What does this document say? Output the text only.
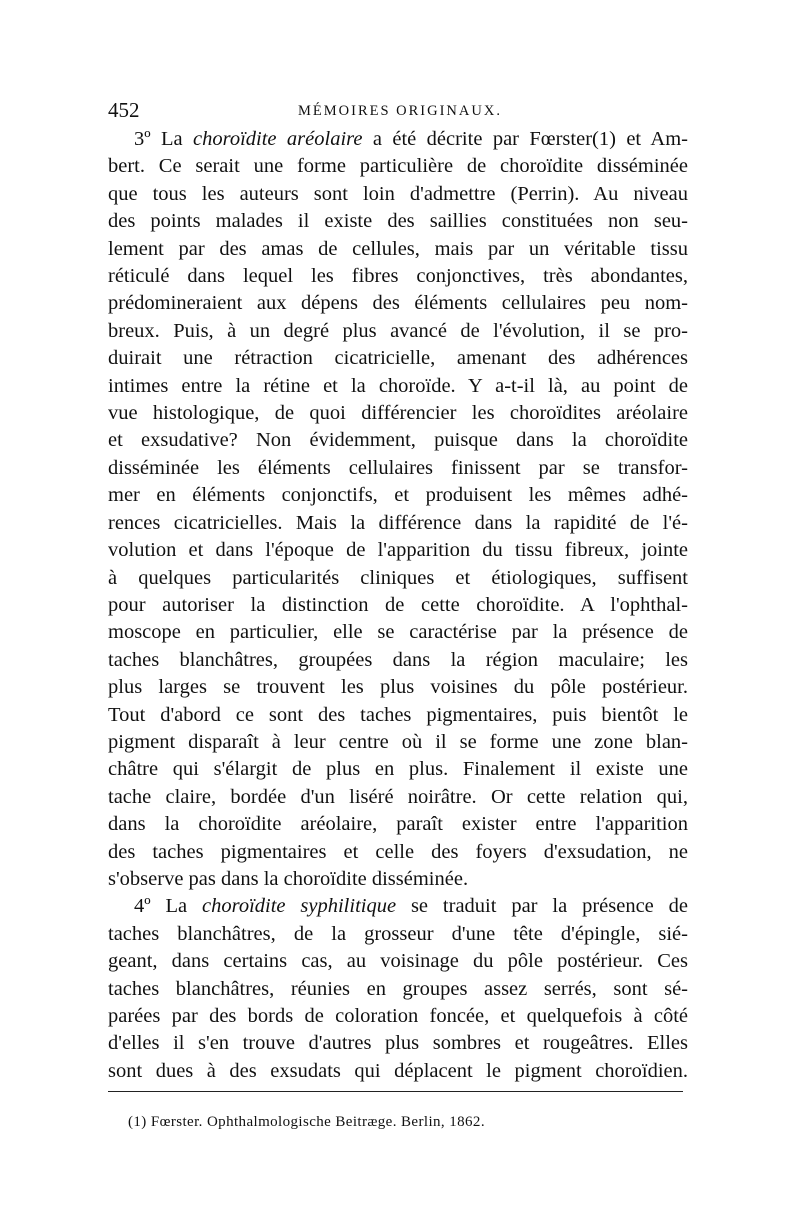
452	MÉMOIRES ORIGINAUX.

3º La choroïdite aréolaire a été décrite par Fœrster(1) et Am-
bert. Ce serait une forme particulière de choroïdite disséminée
que tous les auteurs sont loin d'admettre (Perrin). Au niveau
des points malades il existe des saillies constituées non seu-
lement par des amas de cellules, mais par un véritable tissu
réticulé dans lequel les fibres conjonctives, très abondantes,
prédomineraient aux dépens des éléments cellulaires peu nom-
breux. Puis, à un degré plus avancé de l'évolution, il se pro-
duirait une rétraction cicatricielle, amenant des adhérences
intimes entre la rétine et la choroïde. Y a-t-il là, au point de
vue histologique, de quoi différencier les choroïdites aréolaire
et exsudative? Non évidemment, puisque dans la choroïdite
disséminée les éléments cellulaires finissent par se transfor-
mer en éléments conjonctifs, et produisent les mêmes adhé-
rences cicatricielles. Mais la différence dans la rapidité de l'é-
volution et dans l'époque de l'apparition du tissu fibreux, jointe
à quelques particularités cliniques et étiologiques, suffisent
pour autoriser la distinction de cette choroïdite. A l'ophthal-
moscope en particulier, elle se caractérise par la présence de
taches blanchâtres, groupées dans la région maculaire; les
plus larges se trouvent les plus voisines du pôle postérieur.
Tout d'abord ce sont des taches pigmentaires, puis bientôt le
pigment disparaît à leur centre où il se forme une zone blan-
châtre qui s'élargit de plus en plus. Finalement il existe une
tache claire, bordée d'un liséré noirâtre. Or cette relation qui,
dans la choroïdite aréolaire, paraît exister entre l'apparition
des taches pigmentaires et celle des foyers d'exsudation, ne
s'observe pas dans la choroïdite disséminée.

4º La choroïdite syphilitique se traduit par la présence de
taches blanchâtres, de la grosseur d'une tête d'épingle, sié-
geant, dans certains cas, au voisinage du pôle postérieur. Ces
taches blanchâtres, réunies en groupes assez serrés, sont sé-
parées par des bords de coloration foncée, et quelquefois à côté
d'elles il s'en trouve d'autres plus sombres et rougeâtres. Elles
sont dues à des exsudats qui déplacent le pigment choroïdien.

(1) Fœrster. Ophthalmologische Beitræge. Berlin, 1862.
